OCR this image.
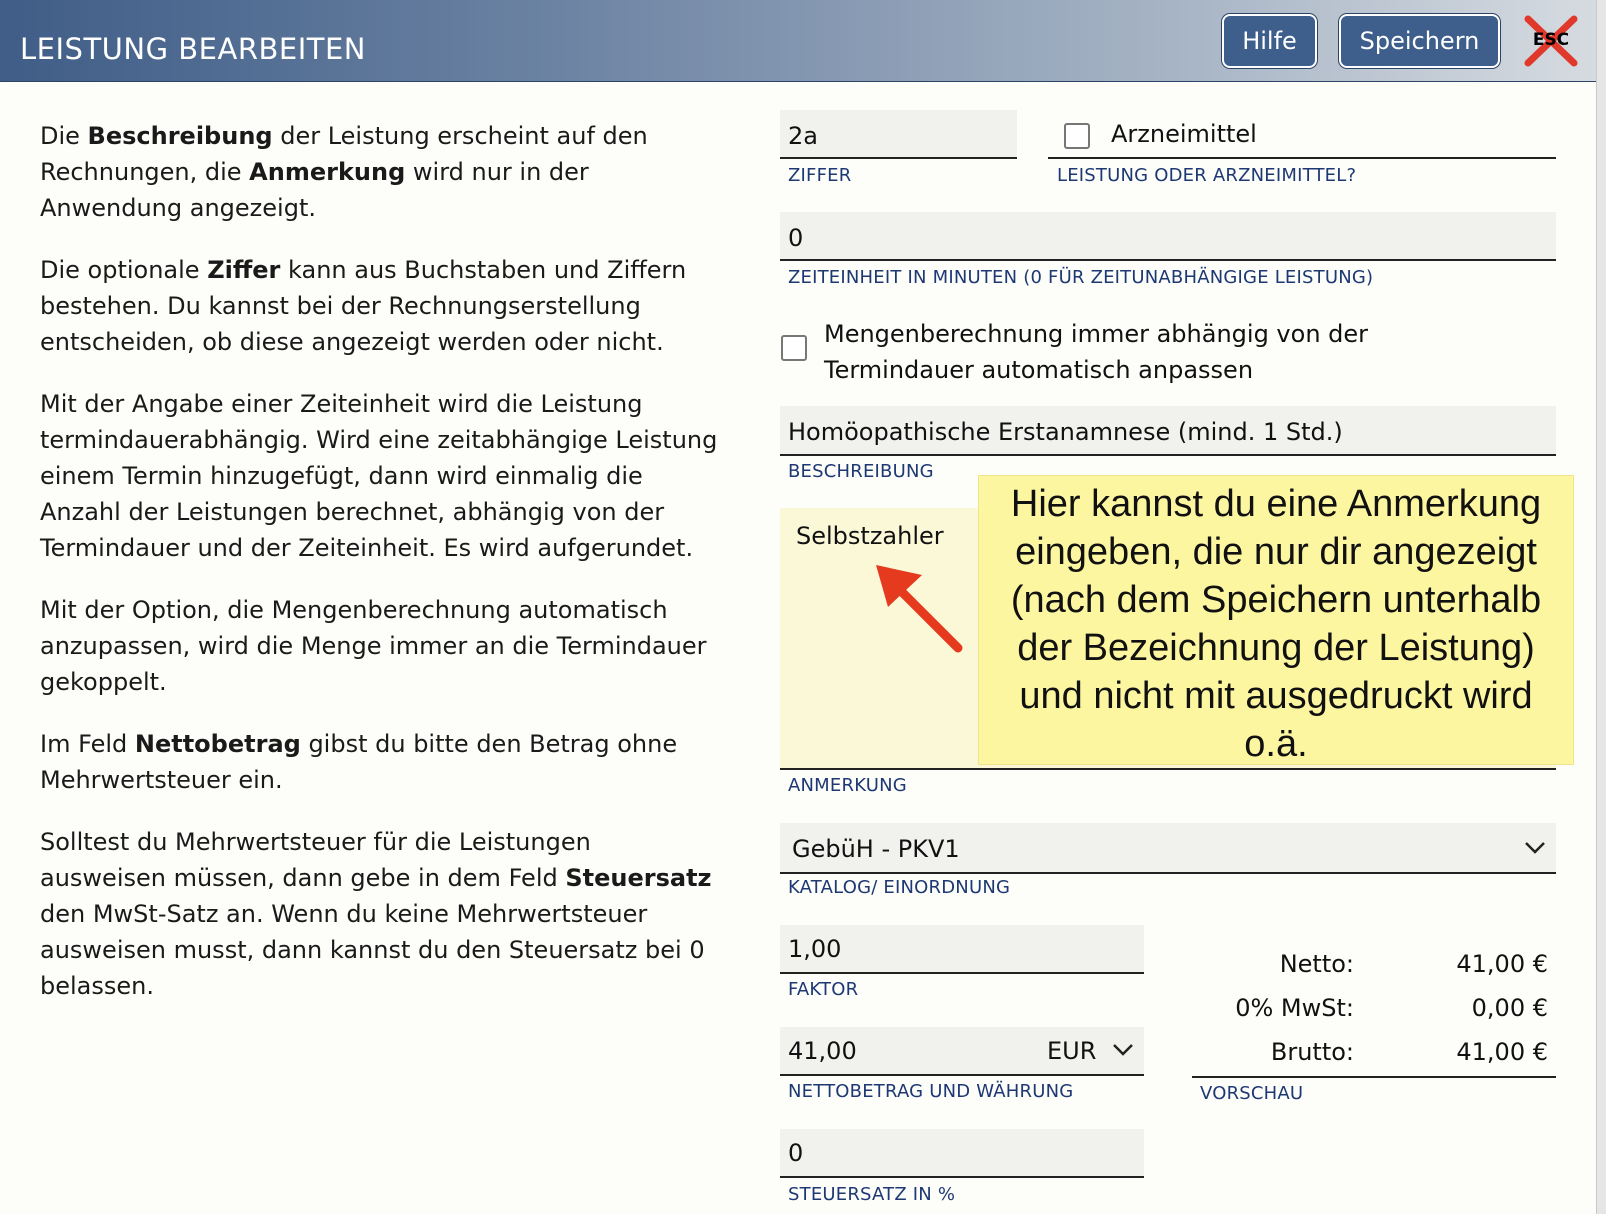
LEISTUNG BEARBEITEN	Hilfe	Speichern	ESC

Die Beschreibung der Leistung erscheint auf den Rechnungen, die Anmerkung wird nur in der Anwendung angezeigt.

Die optionale Ziffer kann aus Buchstaben und Ziffern bestehen. Du kannst bei der Rechnungserstellung entscheiden, ob diese angezeigt werden oder nicht.

Mit der Angabe einer Zeiteinheit wird die Leistung termindauerabhängig. Wird eine zeitabhängige Leistung einem Termin hinzugefügt, dann wird einmalig die Anzahl der Leistungen berechnet, abhängig von der Termindauer und der Zeiteinheit. Es wird aufgerundet.

Mit der Option, die Mengenberechnung automatisch anzupassen, wird die Menge immer an die Termindauer gekoppelt.

Im Feld Nettobetrag gibst du bitte den Betrag ohne Mehrwertsteuer ein.

Solltest du Mehrwertsteuer für die Leistungen ausweisen müssen, dann gebe in dem Feld Steuersatz den MwSt-Satz an. Wenn du keine Mehrwertsteuer ausweisen musst, dann kannst du den Steuersatz bei 0 belassen.

2a
ZIFFER
Arzneimittel
LEISTUNG ODER ARZNEIMITTEL?
0
ZEITEINHEIT IN MINUTEN (0 FÜR ZEITUNABHÄNGIGE LEISTUNG)
Mengenberechnung immer abhängig von der
Termindauer automatisch anpassen
Homöopathische Erstanamnese (mind. 1 Std.)
BESCHREIBUNG
Selbstzahler
ANMERKUNG
Hier kannst du eine Anmerkung
eingeben, die nur dir angezeigt
(nach dem Speichern unterhalb
der Bezeichnung der Leistung)
und nicht mit ausgedruckt wird
o.ä.
GebüH - PKV1
KATALOG/ EINORDNUNG
1,00
FAKTOR
41,00	EUR
NETTOBETRAG UND WÄHRUNG
0
STEUERSATZ IN %
Netto:	41,00 €
0% MwSt:	0,00 €
Brutto:	41,00 €
VORSCHAU
